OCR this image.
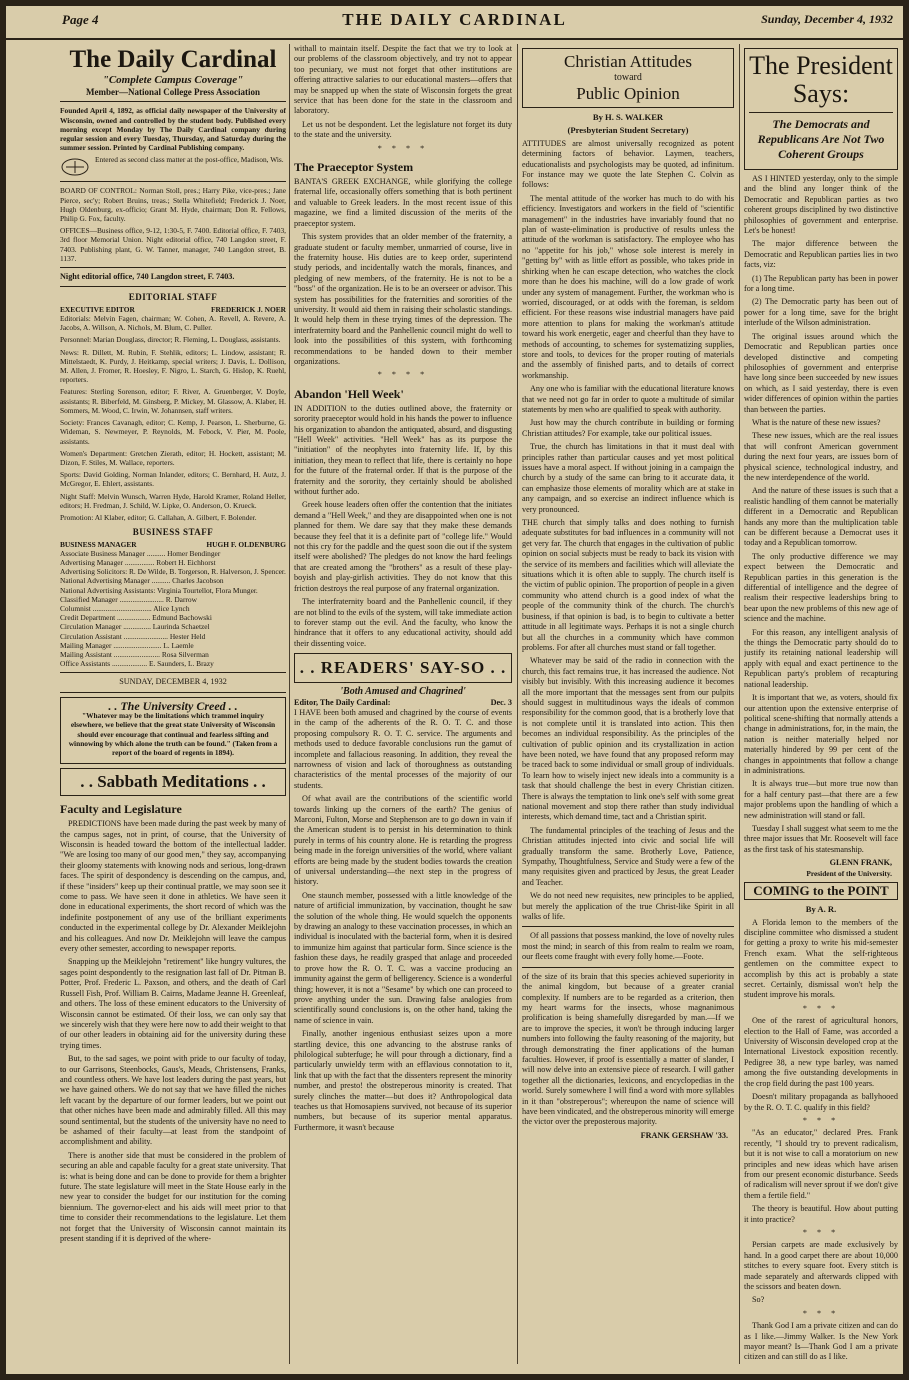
Page 4	THE DAILY CARDINAL	Sunday, December 4, 1932
The Daily Cardinal
"Complete Campus Coverage"
Member—National College Press Association

Founded April 4, 1892, as official daily newspaper of the University of Wisconsin, owned and controlled by the student body. Published every morning except Monday by The Daily Cardinal company during regular session and every Tuesday, Thursday, and Saturday during the summer session. Printed by Cardinal Publishing company.

Entered as second class matter at the post-office, Madison, Wis.

BOARD OF CONTROL: Norman Stoll, pres.; Harry Pike, vice-pres.; Jane Pierce, sec'y; Robert Bruins, treas.; Stella Whitefield; Frederick J. Noer, Hugh Oldenburg, ex-officio; Grant M. Hyde, chairman; Don R. Fellows, Philip G. Fox, faculty.

OFFICES—Business office, 9-12, 1:30-5, F. 7400. Editorial office, F. 7403, 3rd floor Memorial Union. Night editorial office, 740 Langdon street, F. 7403. Publishing plant, G. W. Tanner, manager, 740 Langdon street, B. 1137.

Night editorial office, 740 Langdon street, F. 7403.

EDITORIAL STAFF
EXECUTIVE EDITOR	FREDERICK J. NOER

Editorials: Melvin Fagen, chairman; W. Cohen, A. Revell, A. Revere, A. Jacobs, A. Willson, A. Nichols, M. Blum, C. Puller.

Personnel: Marian Douglass, director; R. Fleming, L. Douglass, assistants.

News: R. Dillett, M. Rubin, F. Stehlik, editors; L. Lindow, assistant; R. Mittelstaedt, K. Purdy, J. Heitkamp, special writers; J. Davis, L. Dollison, M. Allen, J. Fromer, R. Hoesley, F. Nigro, L. Starch, G. Hislop, K. Ruehl, reporters.

Features: Sterling Sorenson, editor; F. River, A. Gruenberger, V. Doyle, assistants; R. Biberfeld, M. Ginsberg, P. Mickey, M. Glassow, A. Klaber, H. Sommers, M. Wood, C. Irwin, W. Johannsen, staff writers.

Society: Frances Cavanagh, editor; C. Kemp, J. Pearson, L. Sherburne, G. Wideman, S. Newmeyer, P. Reynolds, M. Febock, V. Pier, M. Poole, assistants.

Women's Department: Gretchen Zierath, editor; H. Hockett, assistant; M. Dizon, F. Stiles, M. Wallace, reporters.

Sports: David Golding, Norman Inlander, editors; C. Bernhard, H. Autz, J. McGregor, E. Ehlert, assistants.

Night Staff: Melvin Wunsch, Warren Hyde, Harold Kramer, Roland Heller, editors; H. Fredman, J. Schild, W. Lipke, O. Anderson, O. Krueck.

Promotion: Al Klaber, editor; G. Callahan, A. Gilbert, F. Bolender.

BUSINESS STAFF
BUSINESS MANAGER	HUGH F. OLDENBURG
Associate Business Manager .......... Homer Bendinger
Advertising Manager ................ Robert H. Eichhorst
Advertising Solicitors: R. De Wilde, B. Torgerson, R. Halverson, J. Spencer.
National Advertising Manager .......... Charles Jacobson
National Advertising Assistants: Virginia Tourtellot, Flora Munger.
Classified Manager ........................ R. Darrow
Columnist ................................ Alice Lynch
Credit Department .................. Edmund Bachowski
Circulation Manager ............... Laurinda Schaetzel
Circulation Assistant ........................ Hester Held
Mailing Manager .......................... L. Laemle
Mailing Assistant ......................... Rosa Silverman
Office Assistants ................... E. Saunders, L. Brazy
SUNDAY, DECEMBER 4, 1932
. . The University Creed . .

"Whatever may be the limitations which trammel inquiry elsewhere, we believe that the great state University of Wisconsin should ever encourage that continual and fearless sifting and winnowing by which alone the truth can be found." (Taken from a report of the board of regents in 1894).

. . Sabbath Meditations . .
Faculty and Legislature

PREDICTIONS have been made during the past week by many of the campus sages, not in print, of course, that the University of Wisconsin is headed toward the bottom of the intellectual ladder. "We are losing too many of our good men," they say, accompanying their gloomy statements with knowing nods and serious, long-drawn faces. The spirit of despondency is descending on the campus, and, if these "insiders" keep up their continual prattle, we may soon see it come to pass. We have seen it done in athletics. We have seen it done in educational experiments, the short record of which was the indefinite postponement of any use of the brilliant experiments conducted in the experimental college by Dr. Alexander Meiklejohn and his colleagues. And now Dr. Meiklejohn will leave the campus every other semester, according to newspaper reports.

Snapping up the Meiklejohn "retirement" like hungry vultures, the sages point despondently to the resignation last fall of Dr. Pitman B. Potter, Prof. Frederic L. Paxson, and others, and the death of Carl Russell Fish, Prof. William B. Cairns, Madame Jeanne H. Greenleaf, and others. The loss of these eminent educators to the University of Wisconsin cannot be estimated. Of their loss, we can only say that we sincerely wish that they were here now to add their weight to that of our other leaders in obtaining aid for the university during these trying times.

But, to the sad sages, we point with pride to our faculty of today, to our Garrisons, Steenbocks, Gaus's, Meads, Christensens, Franks, and countless others. We have lost leaders during the past years, but we have gained others. We do not say that we have filled the niches left vacant by the departure of our former leaders, but we point out that other niches have been made and admirably filled. All this may sound sentimental, but the students of the university have no need to be ashamed of their faculty—at least from the standpoint of accomplishment and ability.

There is another side that must be considered in the problem of securing an able and capable faculty for a great state university. That is: what is being done and can be done to provide for them a brighter future. The state legislature will meet in the State House early in the new year to consider the budget for our institution for the coming biennium. The governor-elect and his aids will meet prior to that time to consider their recommendations to the legislature. Let them not forget that the University of Wisconsin cannot maintain its present standing if it is deprived of the where-

withall to maintain itself. Despite the fact that we try to look at our problems of the classroom objectively, and try not to appear too pecuniary, we must not forget that other institutions are offering attractive salaries to our educational masters—offers that may be snapped up when the state of Wisconsin forgets the great service that has been done for the state in the classroom and laboratory.

Let us not be despondent. Let the legislature not forget its duty to the state and the university.

* * * *
The Praeceptor System

BANTA'S GREEK EXCHANGE, while glorifying the college fraternal life, occasionally offers something that is both pertinent and valuable to Greek leaders. In the most recent issue of this magazine, we find a limited discussion of the merits of the praeceptor system.

This system provides that an older member of the fraternity, a graduate student or faculty member, unmarried of course, live in the fraternity house. His duties are to keep order, superintend study periods, and incidentally watch the morals, finances, and pledging of new members, of the fraternity. He is not to be a "boss" of the organization. He is to be an overseer or advisor. This system has possibilities for the fraternities and sororities of the university. It would aid them in raising their scholastic standings. It would help them in these trying times of the depression. The interfraternity board and the Panhellenic council might do well to look into the possibilities of this system, with forthcoming recommendations to be handed down to their member organizations.

* * * *
Abandon 'Hell Week'

IN ADDITION to the duties outlined above, the fraternity or sorority praeceptor would hold in his hands the power to influence his organization to abandon the antiquated, absurd, and disgusting "Hell Week" activities. "Hell Week" has as its purpose the "initiation" of the neophytes into fraternity life. If, by this initiation, they mean to reflect that life, there is certainly no hope for the future of the fraternal order. If that is the purpose of the fraternity and the sorority, they certainly should be abolished without further ado.

Greek house leaders often offer the contention that the initiates demand a "Hell Week," and they are disappointed when one is not planned for them. We dare say that they make these demands because they feel that it is a definite part of "college life." Would not this cry for the paddle and the quest soon die out if the system itself were abolished? The pledges do not know the hard feelings that are created among the "brothers" as a result of these play-boyish and play-girlish activities. They do not know that this friction destroys the real purpose of any fraternal organization.

The interfraternity board and the Panhellenic council, if they are not blind to the evils of the system, will take immediate action to forever stamp out the evil. And the faculty, who know the hindrance that it offers to any educational activity, should add their dissenting voice.

. . READERS' SAY-SO . .
'Both Amused and Chagrined'
Editor, The Daily Cardinal:	Dec. 3

I HAVE been both amused and chagrined by the course of events in the camp of the adherents of the R. O. T. C. and those proposing compulsory R. O. T. C. service. The arguments and methods used to deduce favorable conclusions run the gamut of incomplete and fallacious reasoning. In addition, they reveal the narrowness of vision and lack of thoroughness as outstanding characteristics of the mental processes of the majority of our students.

Of what avail are the contributions of the scientific world towards linking up the corners of the earth? The genius of Marconi, Fulton, Morse and Stephenson are to go down in vain if the American student is to persist in his determination to think purely in terms of his country alone. He is retarding the progress being made in the foreign universities of the world, where valiant efforts are being made by the student bodies towards the creation of universal understanding—the next step in the progress of history.

One staunch member, possessed with a little knowledge of the nature of artificial immunization, by vaccination, thought he saw the solution of the whole thing. He would squelch the opponents by drawing an analogy to these vaccination processes, in which an individual is inoculated with the bacterial form, when it is desired to immunize him against that particular form. Since science is the fashion these days, he readily grasped that anlage and proceeded to prove how the R. O. T. C. was a vaccine producing an immunity against the germ of belligerency. Science is a wonderful thing; however, it is not a "Sesame" by which one can proceed to prove anything under the sun. Drawing false analogies from scientifically sound conclusions is, on the other hand, taking the name of science in vain.

Finally, another ingenious enthusiast seizes upon a more startling device, this one advancing to the abstruse ranks of philological subterfuge; he will pour through a dictionary, find a particularly unwieldy term with an efflavious connotation to it, link that up with the fact that the dissenters represent the minority number, and presto! the obstreperous minority is created. That surely clinches the matter—but does it? Anthropological data teaches us that Homosapiens survived, not because of its superior numbers, but because of its superior mental apparatus. Furthermore, it wasn't because

Christian Attitudes
toward
Public Opinion
By H. S. WALKER
(Presbyterian Student Secretary)

ATTITUDES are almost universally recognized as potent determining factors of behavior. Laymen, teachers, educationalists and psychologists may be quoted, ad infinitum. For instance may we quote the late Stephen C. Colvin as follows:

The mental attitude of the worker has much to do with his efficiency. Investigators and workers in the field of "scientific management" in the industries have invariably found that no plan of waste-elimination is productive of results unless the attitude of the workman is satisfactory. The employee who has no "appetite for his job," whose sole interest is merely in "getting by" with as little effort as possible, who takes pride in shirking when he can escape detection, who watches the clock more than he does his machine, will do a low grade of work under any system of management. Further, the workman who is worried, discouraged, or at odds with the foreman, is seldom efficient. For these reasons wise industrial managers have paid more attention to plans for making the workman's attitude toward his work energetic, eager and cheerful than they have to methods of accounting, to schemes for systematizing supplies, store and tools, to devices for the proper routing of materials and the assembly of finished parts, and to details of correct workmanship.

Any one who is familiar with the educational literature knows that we need not go far in order to quote a multitude of similar statements by men who are qualified to speak with authority.

Just how may the church contribute in building or forming Christian attitudes? For example, take our political issues.

True, the church has limitations in that it must deal with principles rather than particular causes and yet most political issues have a moral aspect. If without joining in a campaign the church by a study of the same can bring to it accurate data, it can emphasize those elements of morality which are at stake in any campaign, and so exercise an indirect influence which is very pronounced.

THE church that simply talks and does nothing to furnish adequate substitutes for bad influences in a community will not get very far. The church that engages in the cultivation of public opinion on social subjects must be ready to back its vision with the service of its members and facilities which will alleviate the situations which it is often able to supply. The church itself is the victim of public opinion. The proportion of people in a given community who attend church is a good index of what the people of the community think of the church. The church's business, if that opinion is bad, is to begin to cultivate a better attitude in all legitimate ways. Perhaps it is not a single church but all the churches in a community which have common problems. For after all churches must stand or fall together.

Whatever may be said of the radio in connection with the church, this fact remains true, it has increased the audience. Not visibly but invisibly. With this increasing audience it becomes all the more important that the messages sent from our pulpits should suggest in multitudinous ways the ideals of common responsibility for the common good, that is a brotherly love that is not complete until it is translated into action. This then becomes an individual responsibility. As the principles of the cultivation of public opinion and its crystallization in action have been noted, we have found that any proposed reform may be traced back to some individual or small group of individuals. To learn how to wisely inject new ideals into a community is a task that should challenge the best in every Christian citizen. There is always the temptation to link one's self with some great national movement and stop there rather than study individual interests, which demand time, tact and a Christian spirit.

The fundamental principles of the teaching of Jesus and the Christian attitudes injected into civic and social life will gradually transform the same. Brotherly Love, Patience, Sympathy, Thoughtfulness, Service and Study were a few of the many requisites given and practiced by Jesus, the great Leader and Teacher.

We do not need new requisites, new principles to be applied, but merely the application of the true Christ-like Spirit in all walks of life.

Of all passions that possess mankind, the love of novelty rules most the mind; in search of this from realm to realm we roam, our fleets come fraught with every folly home.—Foote.

of the size of its brain that this species achieved superiority in the animal kingdom, but because of a greater cranial complexity. If numbers are to be regarded as a criterion, then my heart warms for the insects, whose magnanimous prolification is being shamefully disregarded by man.—If we are to improve the species, it won't be through inducing larger numbers into following the faulty reasoning of the majority, but through demonstrating the finer applications of the human faculties. However, if proof is essentially a matter of slander, I will now delve into an extensive piece of research. I will gather together all the dictionaries, lexicons, and encyclopedias in the world. Surely somewhere I will find a word with more syllables in it than "obstreperous"; whereupon the name of science will have been vindicated, and the obstreperous minority will emerge the victor over the preposterous majority.

FRANK GERSHAW '33.
The President
Says:
The Democrats and Republicans Are Not Two Coherent Groups

AS I HINTED yesterday, only to the simple and the blind any longer think of the Democratic and Republican parties as two coherent groups disciplined by two distinctive philosophies of government and enterprise. Let's be honest!

The major difference between the Democratic and Republican parties lies in two facts, viz:

(1) The Republican party has been in power for a long time.

(2) The Democratic party has been out of power for a long time, save for the bright interlude of the Wilson administration.

The original issues around which the Democratic and Republican parties once developed distinctive and competing philosophies of government and enterprise have long since been succeeded by new issues on which, as I said yesterday, there is even wider differences of opinion within the parties than between the parties.

What is the nature of these new issues?

These new issues, which are the real issues that will confront American government during the next four years, are issues born of physical science, technological industry, and the new interdependence of the world.

And the nature of these issues is such that a realistic handling of them cannot be materially different in a Democratic and Republican hands any more than the multiplication table can be different because a Democrat uses it today and a Republican tomorrow.

The only productive difference we may expect between the Democratic and Republican parties in this generation is the differential of intelligence and the degree of realism their respective leaderships bring to bear upon the new problems of this new age of science and the machine.

For this reason, any intelligent analysis of the things the Democratic party should do to justify its retaining national leadership will apply with equal and exact pertinence to the Republican party's problem of recapturing national leadership.

It is important that we, as voters, should fix our attention upon the extensive enterprise of political scene-shifting that normally attends a change in administrations, for, in the main, the nation is neither materially helped nor materially hindered by 99 per cent of the changes in appointments that follow a change in administrations.

It is always true—but more true now than for a half century past—that there are a few major problems upon the handling of which a new administration will stand or fall.

Tuesday I shall suggest what seem to me the three major issues that Mr. Roosevelt will face as the first task of his statesmanship.

GLENN FRANK,
President of the University.
COMING to the POINT
By A. R.

A Florida lemon to the members of the discipline committee who dismissed a student for getting a proxy to write his mid-semester French exam. What the self-righteous gentlemen on the committee expect to accomplish by this act is probably a state secret. Certainly, dismissal won't help the student improve his morals.

* * *

One of the rarest of agricultural honors, election to the Hall of Fame, was accorded a University of Wisconsin developed crop at the International Livestock exposition recently. Pedigree 38, a new type barley, was named among the five outstanding developments in the crop field during the past 100 years.

Doesn't military propaganda as ballyhooed by the R. O. T. C. qualify in this field?

* * *

"As an educator," declared Pres. Frank recently, "I should try to prevent radicalism, but it is not wise to call a moratorium on new principles and new ideas which have arisen from our present economic disturbance. Seeds of radicalism will never sprout if we don't give them a fertile field."

The theory is beautiful. How about putting it into practice?

* * *

Persian carpets are made exclusively by hand. In a good carpet there are about 10,000 stitches to every square foot. Every stitch is made separately and afterwards clipped with the scissors and beaten down.

So?

* * *

Thank God I am a private citizen and can do as I like.—Jimmy Walker. Is the New York mayor meant? Is—Thank God I am a private citizen and can still do as I like.
